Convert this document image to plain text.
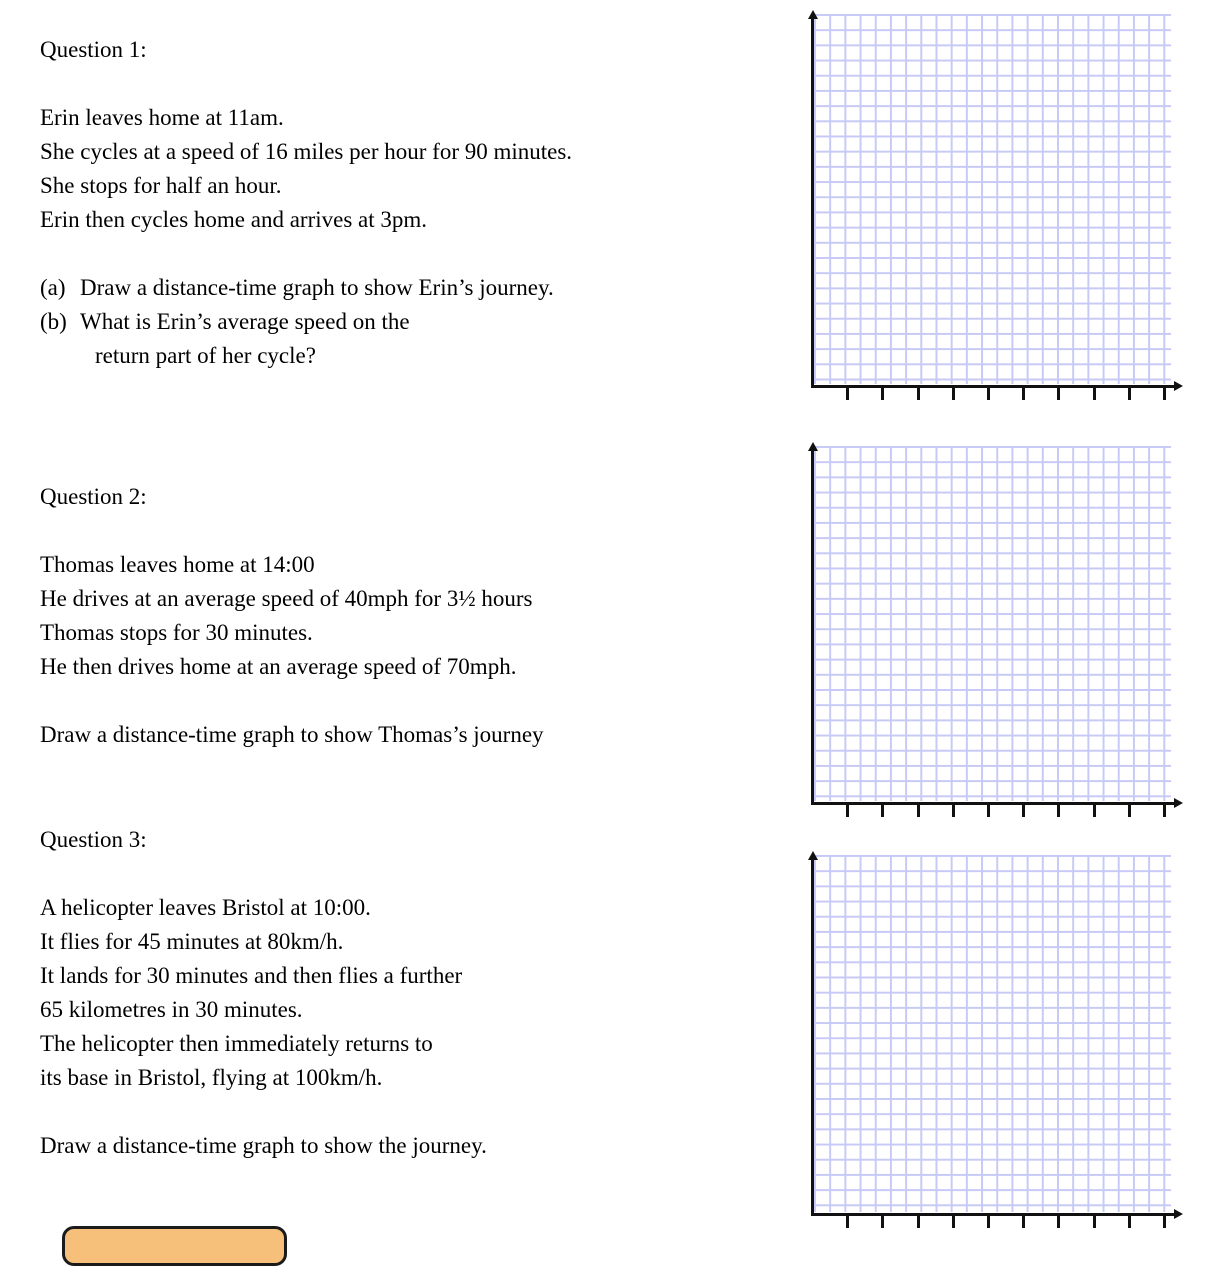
Question 1:
Erin leaves home at 11am.
She cycles at a speed of 16 miles per hour for 90 minutes.
She stops for half an hour.
Erin then cycles home and arrives at 3pm.
(a) Draw a distance-time graph to show Erin’s journey.
(b) What is Erin’s average speed on the
return part of her cycle?
Question 2:
Thomas leaves home at 14:00
He drives at an average speed of 40mph for 3½ hours
Thomas stops for 30 minutes.
He then drives home at an average speed of 70mph.
Draw a distance-time graph to show Thomas’s journey
Question 3:
A helicopter leaves Bristol at 10:00.
It flies for 45 minutes at 80km/h.
It lands for 30 minutes and then flies a further
65 kilometres in 30 minutes.
The helicopter then immediately returns to
its base in Bristol, flying at 100km/h.
Draw a distance-time graph to show the journey.
